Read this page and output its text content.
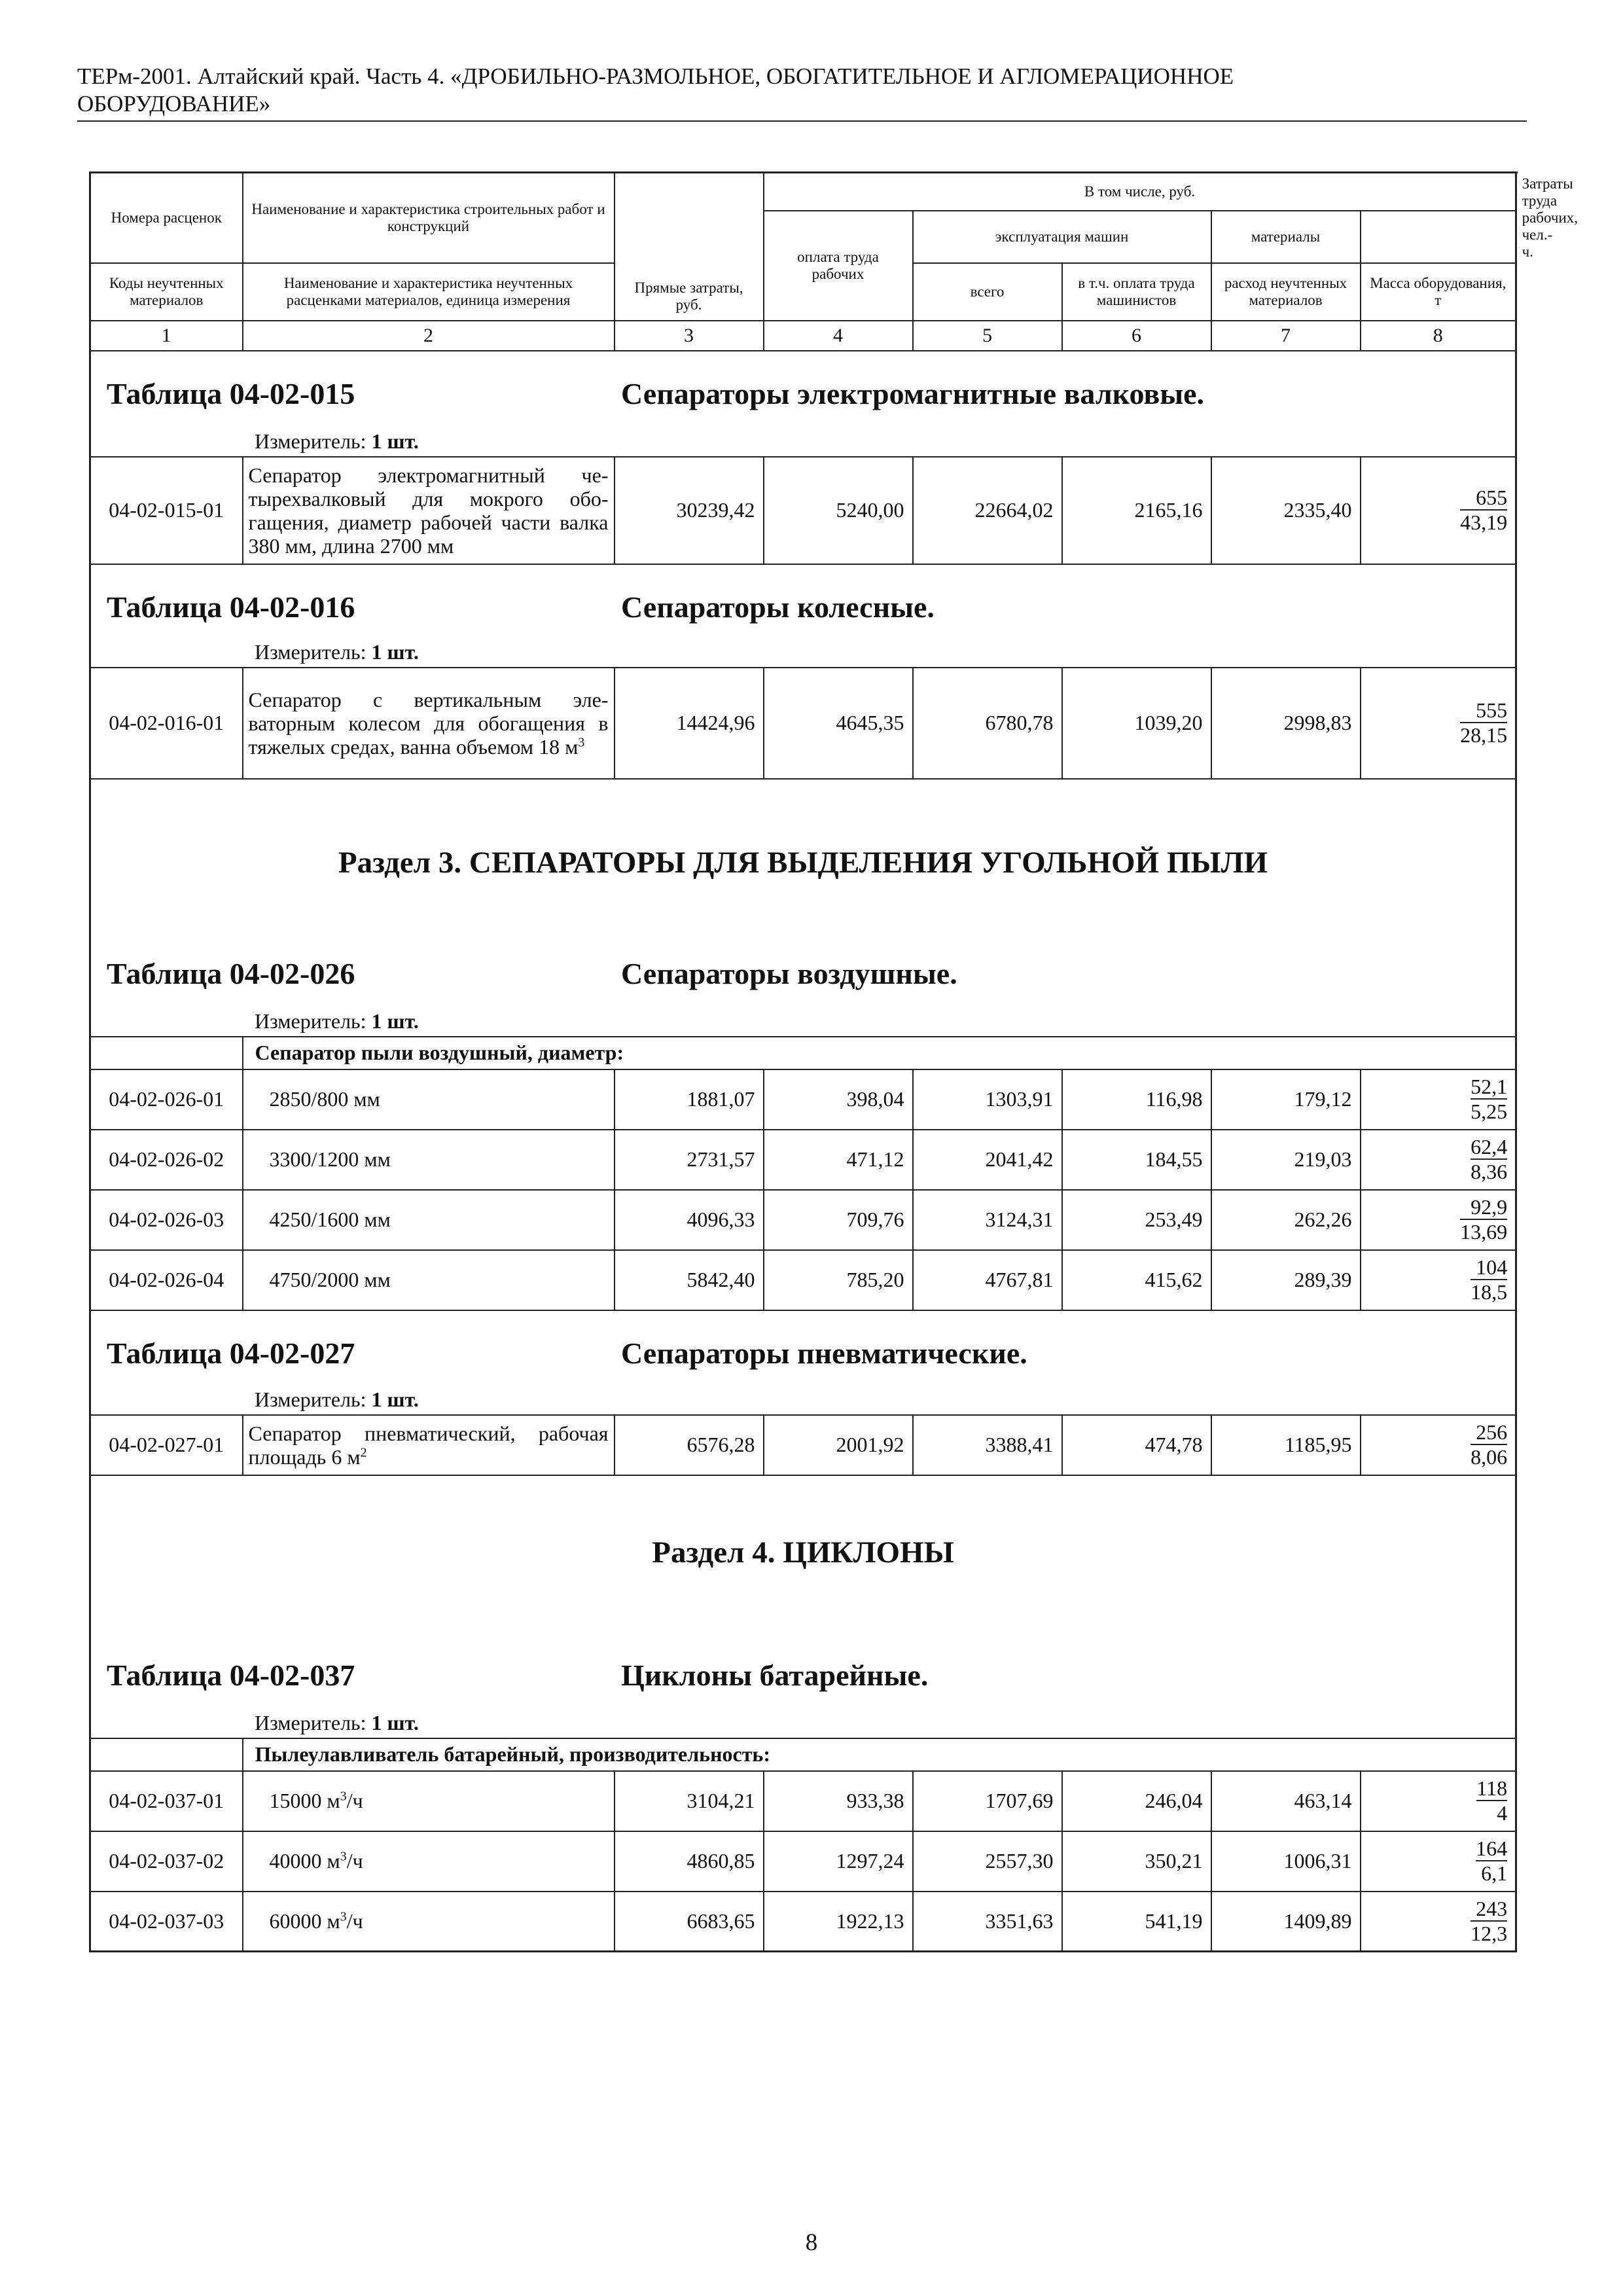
ТЕРм-2001. Алтайский край. Часть 4. «ДРОБИЛЬНО-РАЗМОЛЬНОЕ, ОБОГАТИТЕЛЬНОЕ И АГЛОМЕРАЦИОННОЕ
ОБОРУДОВАНИЕ»
Номера расценок	Наименование и характеристика строительных работ и конструкций	Прямые затраты, руб.	В том числе, руб.					Затраты труда рабочих, чел.-ч.
			оплата труда рабочих	эксплуатация машин		материалы		
Коды неучтенных материалов	Наименование и характеристика неучтенных расценками материалов, единица измерения			всего	в т.ч. оплата труда машинистов	расход неучтенных материалов	Масса оборудования, т	
1	2	3	4	5	6	7	8	

Таблица 04-02-015 Сепараторы электромагнитные валковые.
Измеритель: 1 шт.								

04-02-015-01	Сепаратор электромагнитный четырехвалковый для мокрого обогащения, диаметр рабочей части валка 380 мм, длина 2700 мм	30239,42	5240,00	22664,02	2165,16	2335,40	$\frac{655}{43,19}$

Таблица 04-02-016 Сепараторы колесные.
Измеритель: 1 шт.								

04-02-016-01	Сепаратор с вертикальным элеваторным колесом для обогащения в тяжелых средах, ванна объемом 18 $м^3$	14424,96	4645,35	6780,78	1039,20	2998,83	$\frac{555}{28,15}$

Раздел 3. СЕПАРАТОРЫ ДЛЯ ВЫДЕЛЕНИЯ УГОЛЬНОЙ ПЫЛИ
Таблица 04-02-026 Сепараторы воздушные.
Измеритель: 1 шт.								

	Сепаратор пыли воздушный, диаметр:							
04-02-026-01	2850/800 мм	1881,07	398,04	1303,91	116,98	179,12	$\frac{52,1}{5,25}$

04-02-026-02	3300/1200 мм	2731,57	471,12	2041,42	184,55	219,03	$\frac{62,4}{8,36}$

04-02-026-03	4250/1600 мм	4096,33	709,76	3124,31	253,49	262,26	$\frac{92,9}{13,69}$

04-02-026-04	4750/2000 мм	5842,40	785,20	4767,81	415,62	289,39	$\frac{104}{18,5}$

Таблица 04-02-027 Сепараторы пневматические.
Измеритель: 1 шт.								

04-02-027-01	Сепаратор пневматический, рабочая площадь 6 $м^2$	6576,28	2001,92	3388,41	474,78	1185,95	$\frac{256}{8,06}$

Раздел 4. ЦИКЛОНЫ
Таблица 04-02-037 Циклоны батарейные.
Измеритель: 1 шт.								

	Пылеулавливатель батарейный, производительность:							
04-02-037-01	15000 $м^3/ч$	3104,21	933,38	1707,69	246,04	463,14	$\frac{118}{4}$

04-02-037-02	40000 $м^3/ч$	4860,85	1297,24	2557,30	350,21	1006,31	$\frac{164}{6,1}$

04-02-037-03	60000 $м^3/ч$	6683,65	1922,13	3351,63	541,19	1409,89	$\frac{243}{12,3}$
8
